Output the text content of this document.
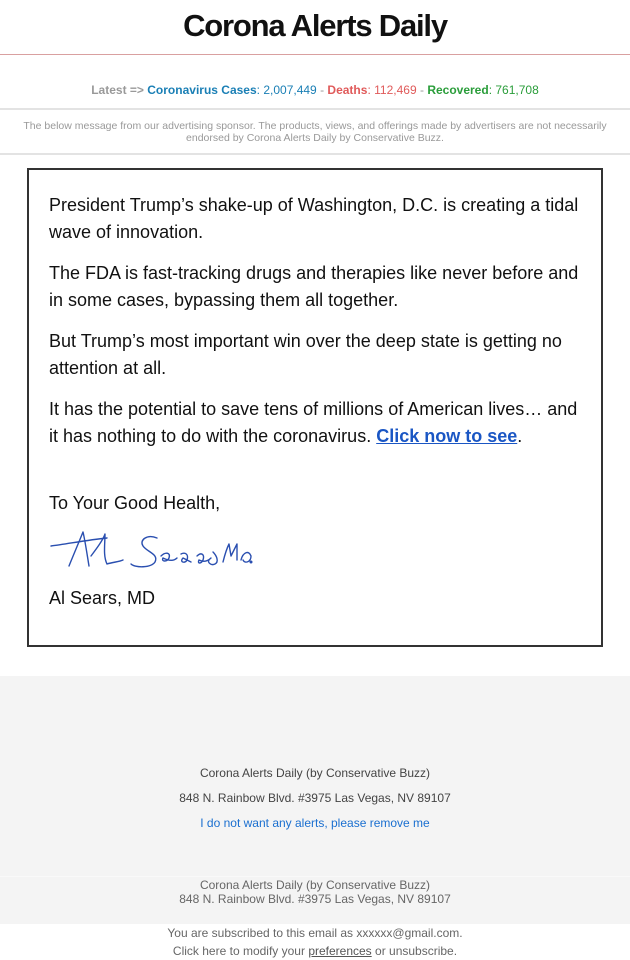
Corona Alerts Daily
Latest => Coronavirus Cases: 2,007,449 - Deaths: 112,469 - Recovered: 761,708
The below message from our advertising sponsor. The products, views, and offerings made by advertisers are not necessarily endorsed by Corona Alerts Daily by Conservative Buzz.

President Trump’s shake-up of Washington, D.C. is creating a tidal wave of innovation.

The FDA is fast-tracking drugs and therapies like never before and in some cases, bypassing them all together.

But Trump’s most important win over the deep state is getting no attention at all.

It has the potential to save tens of millions of American lives… and it has nothing to do with the coronavirus. Click now to see.

To Your Good Health,
Al Sears, MD
Corona Alerts Daily (by Conservative Buzz)
848 N. Rainbow Blvd. #3975 Las Vegas, NV 89107
I do not want any alerts, please remove me
Corona Alerts Daily (by Conservative Buzz)
848 N. Rainbow Blvd. #3975 Las Vegas, NV 89107
You are subscribed to this email as xxxxxx@gmail.com.
Click here to modify your preferences or unsubscribe.
